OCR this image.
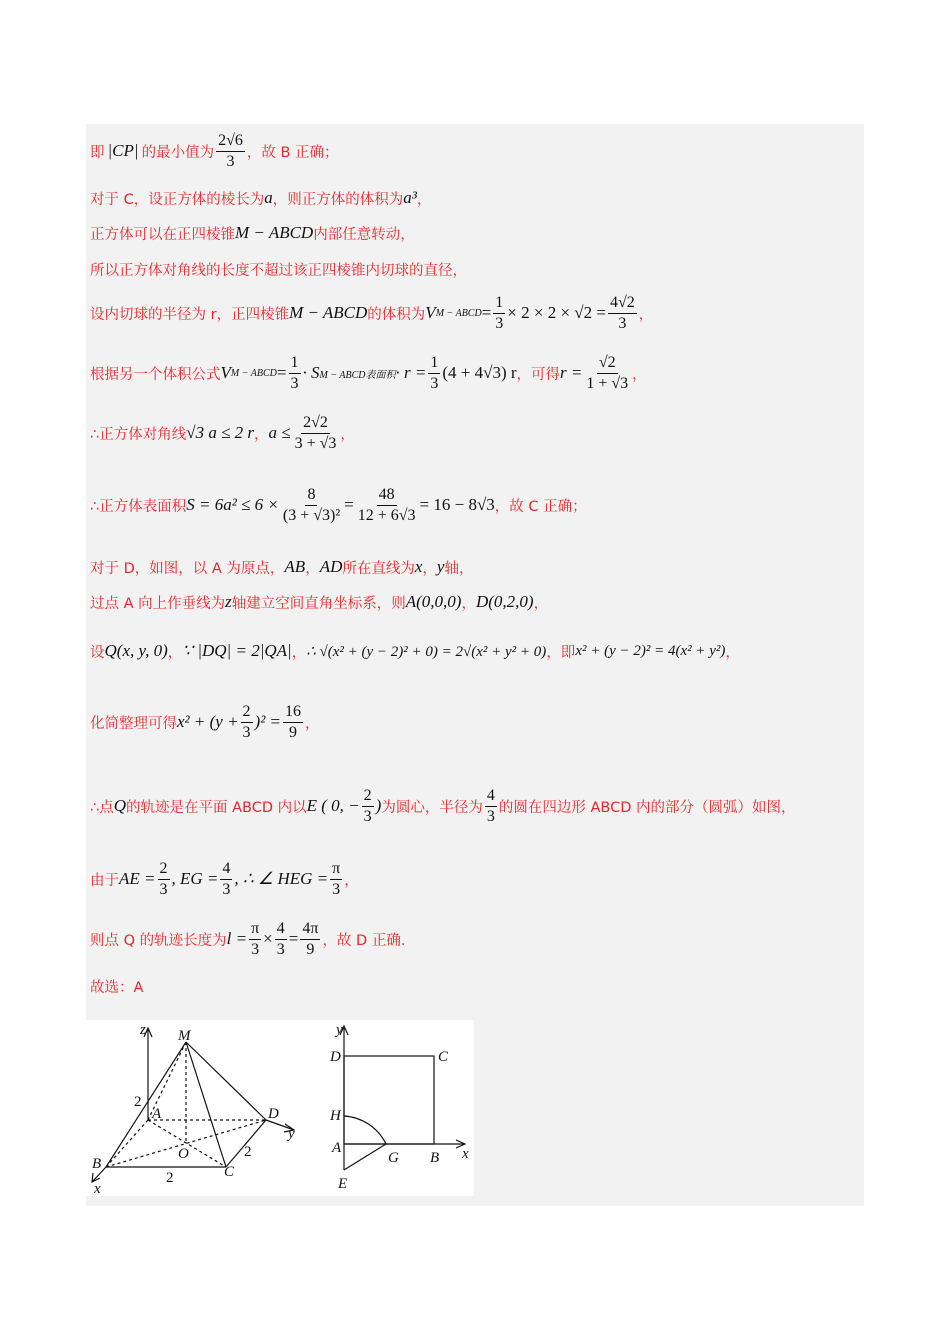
即 |CP| 的最小值为 $\frac{2√6}{3}$ ，故 B 正确；
对于 C，设正方体的棱长为 a ，则正方体的体积为 a³ ，
正方体可以在正四棱锥 M − ABCD 内部任意转动，
所以正方体对角线的长度不超过该正四棱锥内切球的直径，
设内切球的半径为 r，正四棱锥 M − ABCD 的体积为 V M − ABCD = $\frac{1}{3} \times 2 \times 2 \times √2 = \frac{4√2}{3}$ ，
根据另一个体积公式 V M − ABCD = $\frac{1}{3} \cdot S$ M − ABCD表面积 · $r = \frac{1}{3} (4 + 4√3)$ r ，可得 $r = \frac{√2}{1 + √3}$ ，
∴正方体对角线 √3 a ≤ 2 r ， $a \le \frac{2√2}{3 + √3}$ ，
∴正方体表面积 $S = 6a^2 \le 6 \times \frac{8}{\text{(3 + √3)²}} = \frac{48}{12 + 6√3} = 16 - 8√3$ ，故 C 正确；
对于 D，如图，以 A 为原点， AB ， AD 所在直线为 x ， y 轴，
过点 A 向上作垂线为 z 轴建立空间直角坐标系，则 A(0,0,0) ， D(0,2,0) ，
设 Q(x, y, 0) ， ∵ |DQ| = 2|QA| ， ∴ √(x² + (y − 2)² + 0) = 2√(x² + y² + 0) ，即 x² + (y − 2)² = 4(x² + y²) ，
化简整理可得 $x^2 + (y + \frac{2}{3} )^2 = \frac{16}{9}$ ，
∴点 Q 的轨迹是在平面 ABCD 内以 E ( 0, − $\frac{2}{3}$ ) 为圆心，半径为 $\frac{4}{3}$ 的圆在四边形 ABCD 内的部分（圆弧）如图，
由于 AE = $\frac{2}{3}$ , EG = $\frac{4}{3}$ , ∴ ∠ HEG = $\frac{\pi}{3}$ ，
则点 Q 的轨迹长度为 $l = \frac{\pi}{3} \times \frac{4}{3} = \frac{4\pi}{9}$ ，故 D 正确.
故选：A
z M
A	D
y
O
B	C
x
2
2
2
y
D	C
H
A
G B x
E
